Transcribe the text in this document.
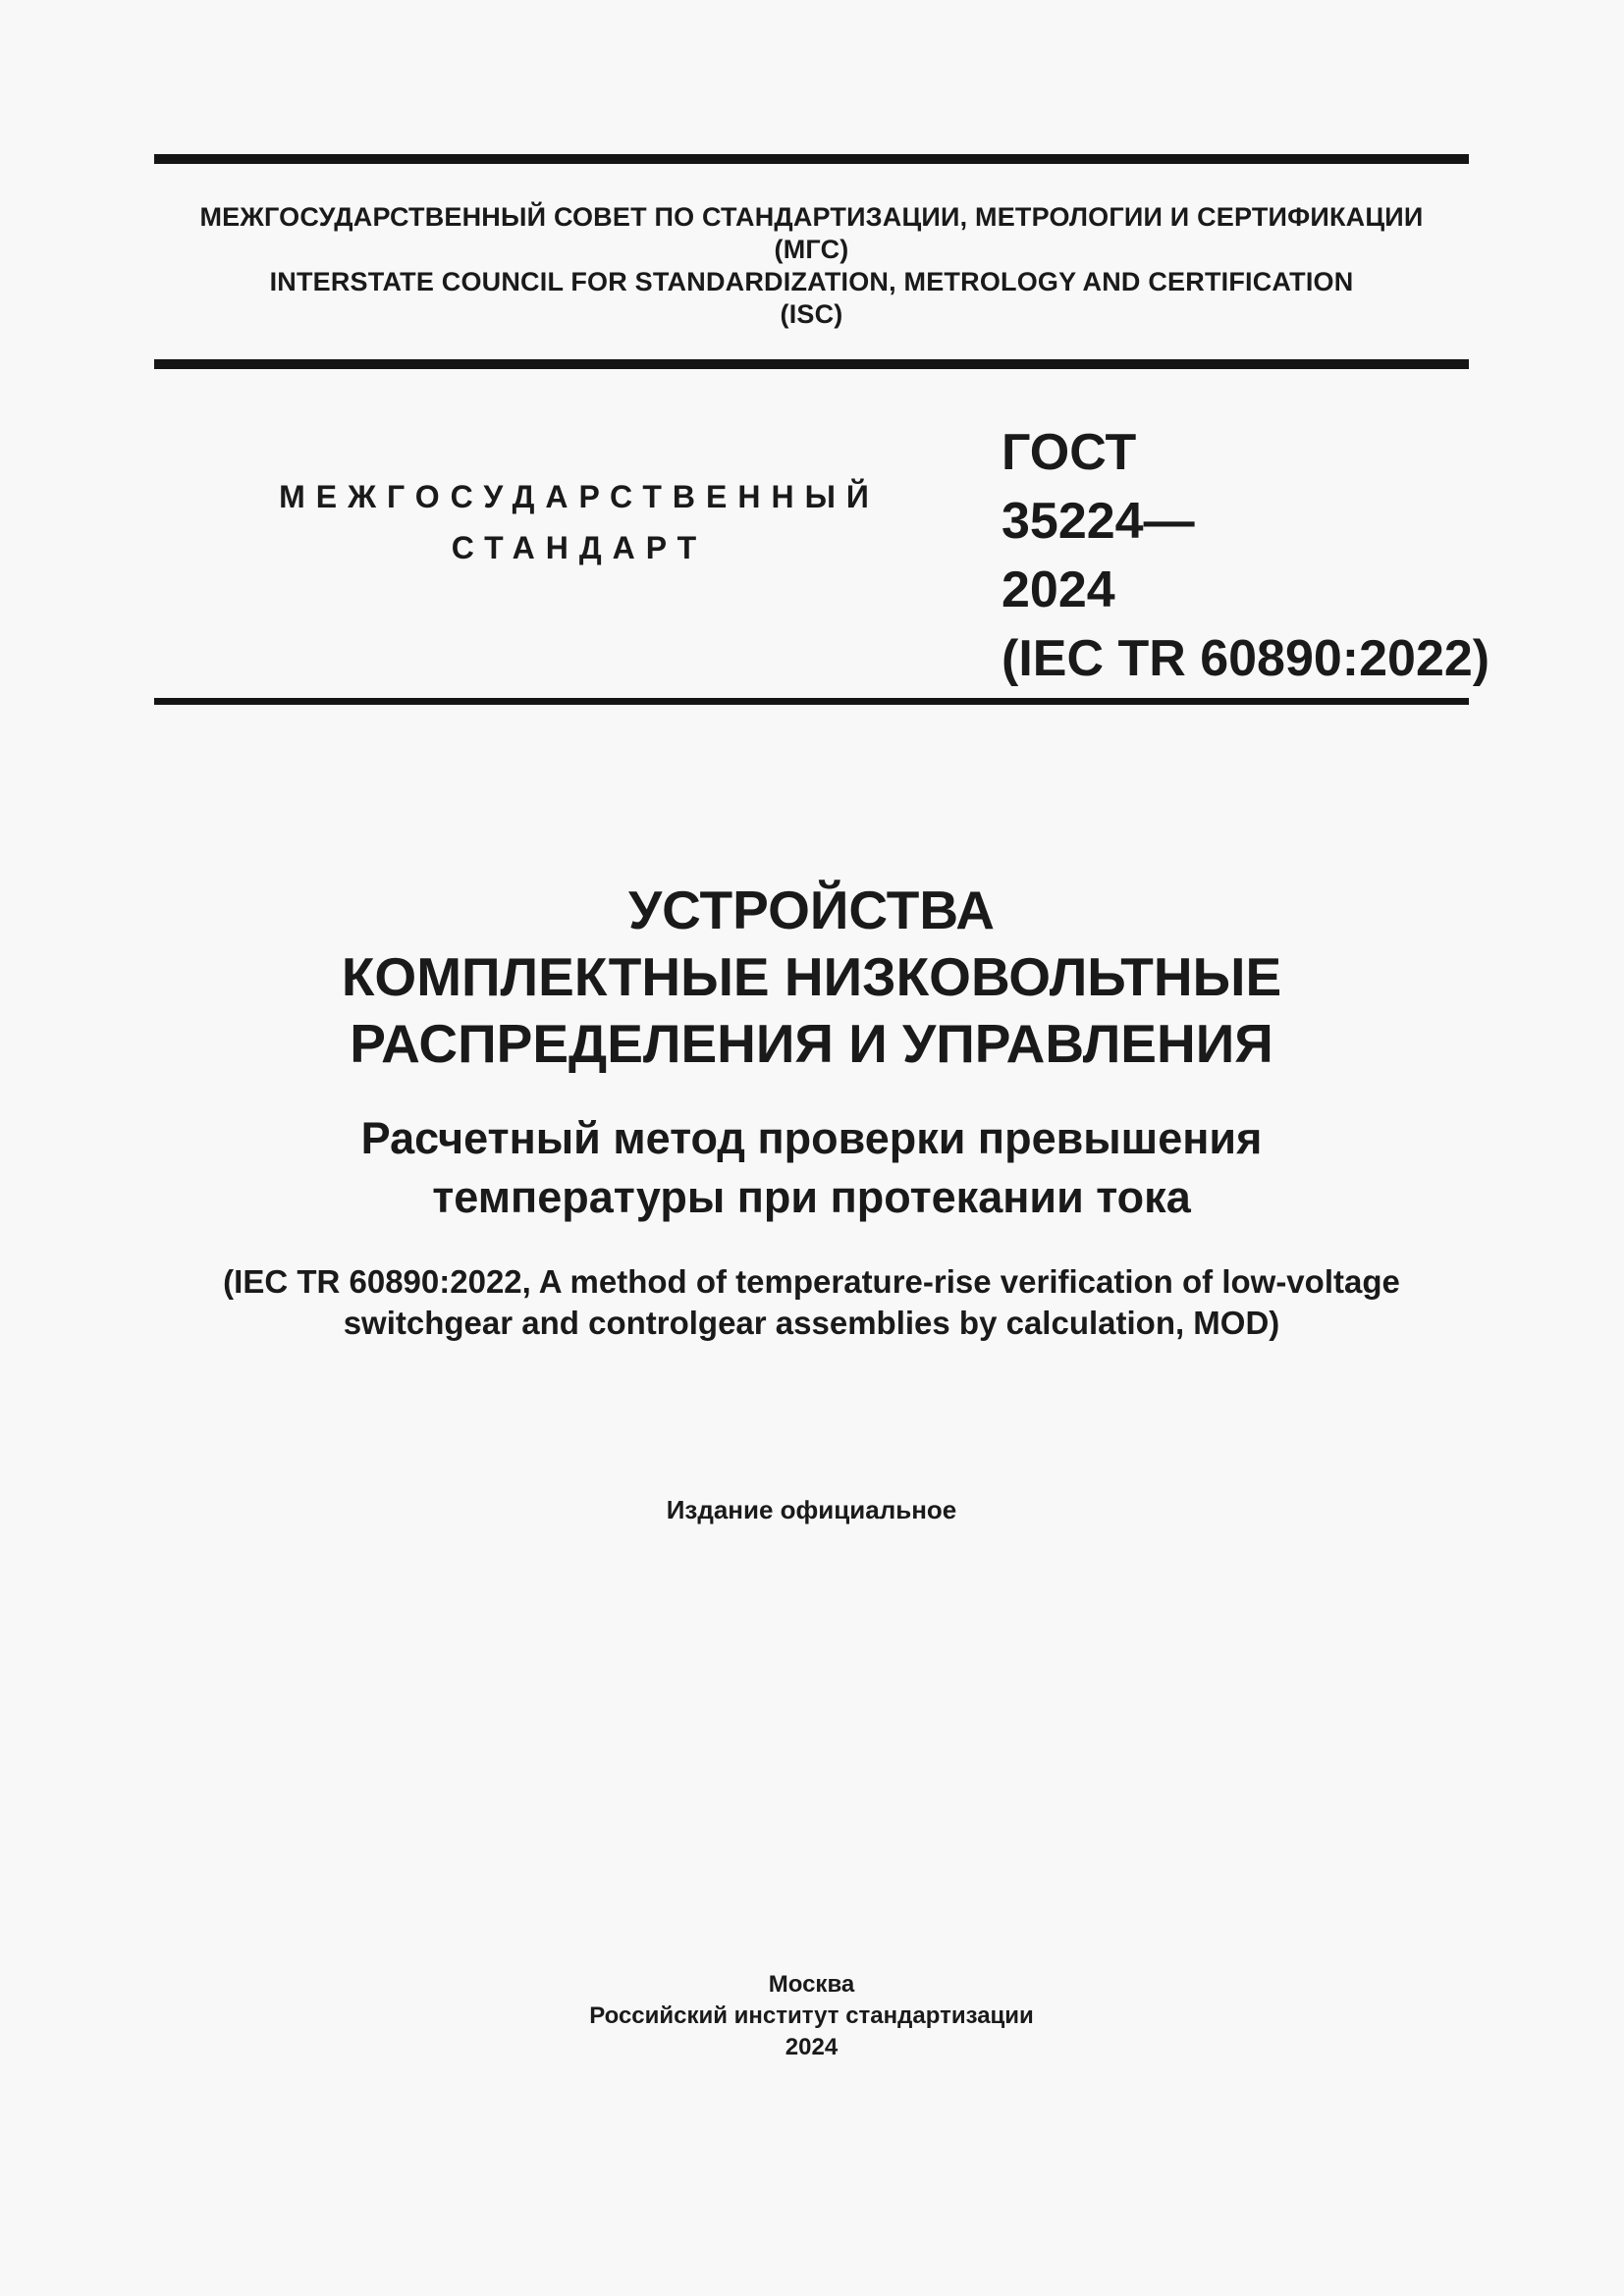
МЕЖГОСУДАРСТВЕННЫЙ СОВЕТ ПО СТАНДАРТИЗАЦИИ, МЕТРОЛОГИИ И СЕРТИФИКАЦИИ
(МГС)
INTERSTATE COUNCIL FOR STANDARDIZATION, METROLOGY AND CERTIFICATION
(ISC)
МЕЖГОСУДАРСТВЕННЫЙ
СТАНДАРТ
ГОСТ
35224—
2024
(IEC TR 60890:2022)
УСТРОЙСТВА
КОМПЛЕКТНЫЕ НИЗКОВОЛЬТНЫЕ
РАСПРЕДЕЛЕНИЯ И УПРАВЛЕНИЯ
Расчетный метод проверки превышения
температуры при протекании тока
(IEC TR 60890:2022, A method of temperature-rise verification of low-voltage
switchgear and controlgear assemblies by calculation, MOD)
Издание официальное
Москва
Российский институт стандартизации
2024
